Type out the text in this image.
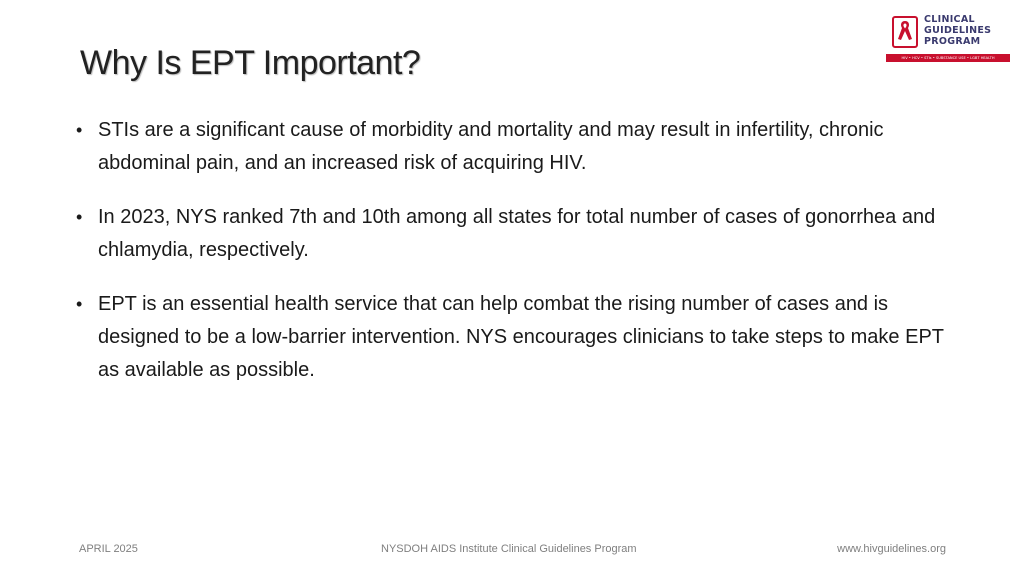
Why Is EPT Important?
CLINICAL
GUIDELINES
PROGRAM
HIV • HCV • STIs • SUBSTANCE USE • LGBT HEALTH
• STIs are a significant cause of morbidity and mortality and may result in infertility, chronic abdominal pain, and an increased risk of acquiring HIV.
• In 2023, NYS ranked 7th and 10th among all states for total number of cases of gonorrhea and chlamydia, respectively.
• EPT is an essential health service that can help combat the rising number of cases and is designed to be a low-barrier intervention. NYS encourages clinicians to take steps to make EPT as available as possible.
APRIL 2025	NYSDOH AIDS Institute Clinical Guidelines Program	www.hivguidelines.org
